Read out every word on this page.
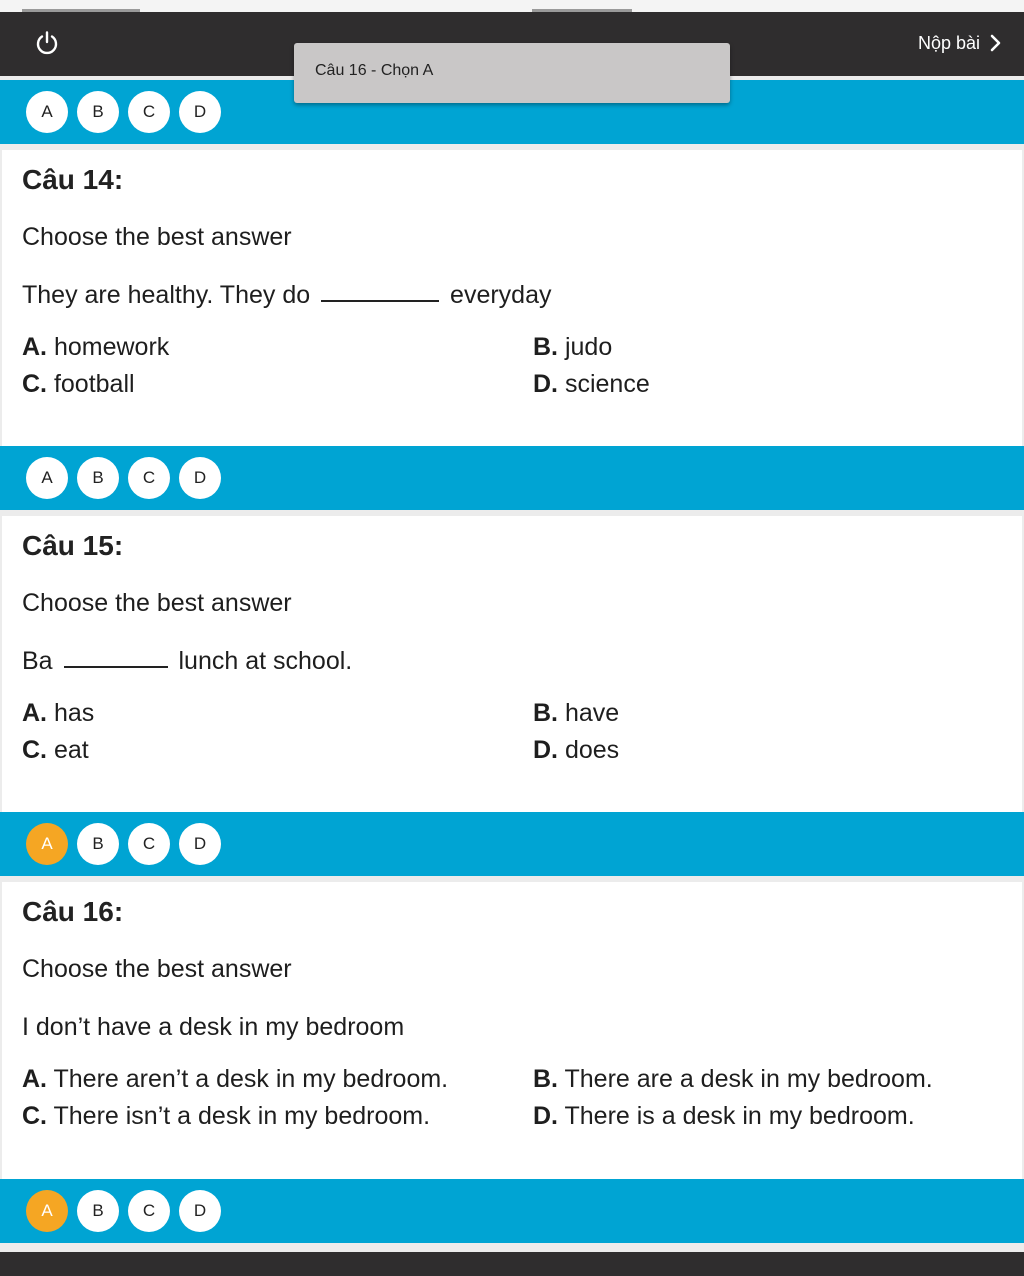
Nộp bài
Câu 16 - Chọn A
A	B	C	D
Câu 14:
Choose the best answer
They are healthy. They do	everyday
A. homework	B. judo
C. football	D. science
A	B	C	D
Câu 15:
Choose the best answer
Ba	lunch at school.
A. has	B. have
C. eat	D. does
A	B	C	D
Câu 16:
Choose the best answer
I don’t have a desk in my bedroom
A. There aren’t a desk in my bedroom.	B. There are a desk in my bedroom.
C. There isn’t a desk in my bedroom.	D. There is a desk in my bedroom.
A	B	C	D
